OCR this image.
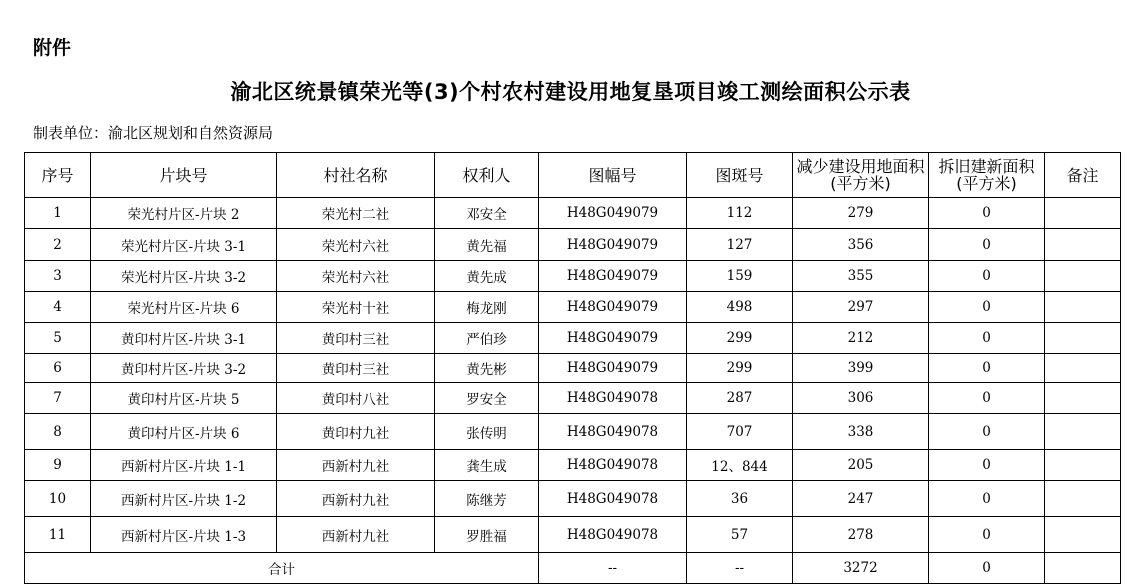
附件
渝北区统景镇荣光等(3)个村农村建设用地复垦项目竣工测绘面积公示表
制表单位：渝北区规划和自然资源局
序号	片块号	村社名称	权利人	图幅号	图斑号	减少建设用地面积(平方米)	拆旧建新面积(平方米)	备注
1	荣光村片区-片块 2	荣光村二社	邓安全	H48G049079	112	279	0	
2	荣光村片区-片块 3-1	荣光村六社	黄先福	H48G049079	127	356	0	
3	荣光村片区-片块 3-2	荣光村六社	黄先成	H48G049079	159	355	0	
4	荣光村片区-片块 6	荣光村十社	梅龙刚	H48G049079	498	297	0	
5	黄印村片区-片块 3-1	黄印村三社	严伯珍	H48G049079	299	212	0	
6	黄印村片区-片块 3-2	黄印村三社	黄先彬	H48G049079	299	399	0	
7	黄印村片区-片块 5	黄印村八社	罗安全	H48G049078	287	306	0	
8	黄印村片区-片块 6	黄印村九社	张传明	H48G049078	707	338	0	
9	西新村片区-片块 1-1	西新村九社	龚生成	H48G049078	12、844	205	0	
10	西新村片区-片块 1-2	西新村九社	陈继芳	H48G049078	36	247	0	
11	西新村片区-片块 1-3	西新村九社	罗胜福	H48G049078	57	278	0	
合计				--	--	3272	0	
